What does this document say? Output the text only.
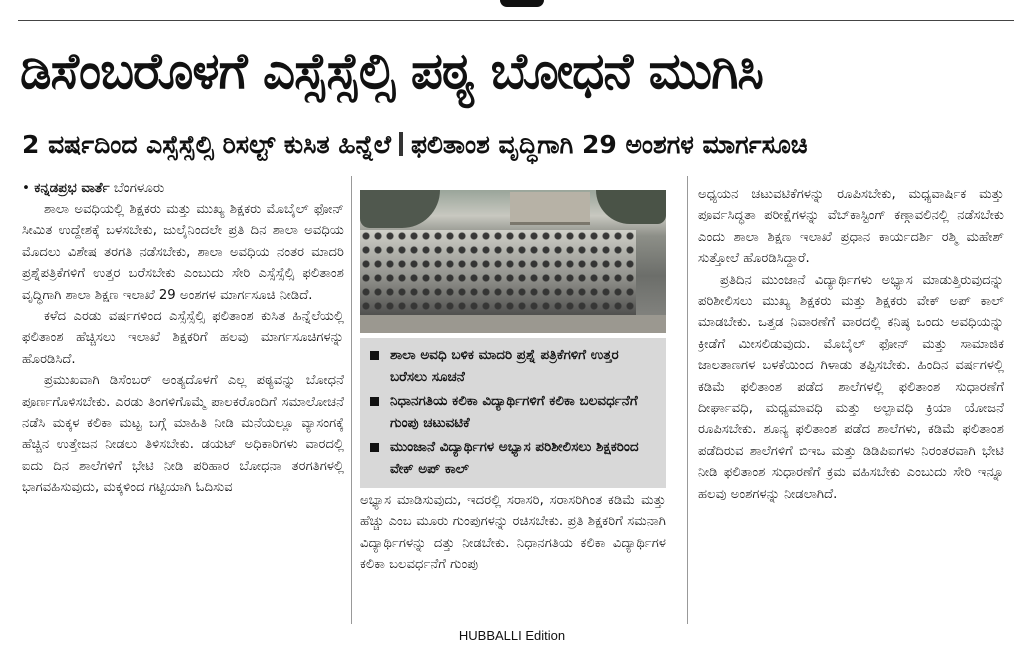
ಡಿಸೆಂಬರೊಳಗೆ ಎಸ್ಸೆಸ್ಸೆಲ್ಸಿ ಪಠ್ಯ ಬೋಧನೆ ಮುಗಿಸಿ
2 ವರ್ಷದಿಂದ ಎಸ್ಸೆಸ್ಸೆಲ್ಸಿ ರಿಸಲ್ಟ್ ಕುಸಿತ ಹಿನ್ನೆಲೆ ಫಲಿತಾಂಶ ವೃದ್ಧಿಗಾಗಿ 29 ಅಂಶಗಳ ಮಾರ್ಗಸೂಚಿ

• ಕನ್ನಡಪ್ರಭ ವಾರ್ತೆ ಬೆಂಗಳೂರು

ಶಾಲಾ ಅವಧಿಯಲ್ಲಿ ಶಿಕ್ಷಕರು ಮತ್ತು ಮುಖ್ಯ ಶಿಕ್ಷಕರು ಮೊಬೈಲ್ ಫೋನ್ ಸೀಮಿತ ಉದ್ದೇಶಕ್ಕೆ ಬಳಸಬೇಕು, ಜುಲೈನಿಂದಲೇ ಪ್ರತಿ ದಿನ ಶಾಲಾ ಅವಧಿಯ ಮೊದಲು ವಿಶೇಷ ತರಗತಿ ನಡೆಸಬೇಕು, ಶಾಲಾ ಅವಧಿಯ ನಂತರ ಮಾದರಿ ಪ್ರಶ್ನೆಪತ್ರಿಕೆಗಳಿಗೆ ಉತ್ತರ ಬರೆಸಬೇಕು ಎಂಬುದು ಸೇರಿ ಎಸ್ಸೆಸ್ಸೆಲ್ಸಿ ಫಲಿತಾಂಶ ವೃದ್ಧಿಗಾಗಿ ಶಾಲಾ ಶಿಕ್ಷಣ ಇಲಾಖೆ 29 ಅಂಶಗಳ ಮಾರ್ಗಸೂಚಿ ನೀಡಿದೆ.

ಕಳೆದ ಎರಡು ವರ್ಷಗಳಿಂದ ಎಸ್ಸೆಸ್ಸೆಲ್ಸಿ ಫಲಿತಾಂಶ ಕುಸಿತ ಹಿನ್ನೆಲೆಯಲ್ಲಿ ಫಲಿತಾಂಶ ಹೆಚ್ಚಿಸಲು ಇಲಾಖೆ ಶಿಕ್ಷಕರಿಗೆ ಹಲವು ಮಾರ್ಗಸೂಚಿಗಳನ್ನು ಹೊರಡಿಸಿದೆ.

ಪ್ರಮುಖವಾಗಿ ಡಿಸೆಂಬರ್ ಅಂತ್ಯದೊಳಗೆ ಎಲ್ಲ ಪಠ್ಯವನ್ನು ಬೋಧನೆ ಪೂರ್ಣಗೊಳಿಸಬೇಕು. ಎರಡು ತಿಂಗಳಿಗೊಮ್ಮೆ ಪಾಲಕರೊಂದಿಗೆ ಸಮಾಲೋಚನೆ ನಡೆಸಿ ಮಕ್ಕಳ ಕಲಿಕಾ ಮಟ್ಟ ಬಗ್ಗೆ ಮಾಹಿತಿ ನೀಡಿ ಮನೆಯಲ್ಲೂ ವ್ಯಾಸಂಗಕ್ಕೆ ಹೆಚ್ಚಿನ ಉತ್ತೇಜನ ನೀಡಲು ತಿಳಿಸಬೇಕು. ಡಯಟ್ ಅಧಿಕಾರಿಗಳು ವಾರದಲ್ಲಿ ಐದು ದಿನ ಶಾಲೆಗಳಿಗೆ ಭೇಟಿ ನೀಡಿ ಪರಿಹಾರ ಬೋಧನಾ ತರಗತಿಗಳಲ್ಲಿ ಭಾಗವಹಿಸುವುದು, ಮಕ್ಕಳಿಂದ ಗಟ್ಟಿಯಾಗಿ ಓದಿಸುವ

ಶಾಲಾ ಅವಧಿ ಬಳಿಕ ಮಾದರಿ ಪ್ರಶ್ನೆ ಪತ್ರಿಕೆಗಳಿಗೆ ಉತ್ತರ ಬರೆಸಲು ಸೂಚನೆ
ನಿಧಾನಗತಿಯ ಕಲಿಕಾ ವಿದ್ಯಾರ್ಥಿಗಳಿಗೆ ಕಲಿಕಾ ಬಲವರ್ಧನೆಗೆ ಗುಂಪು ಚಟುವಟಿಕೆ
ಮುಂಜಾನೆ ವಿದ್ಯಾರ್ಥಿಗಳ ಅಭ್ಯಾಸ ಪರಿಶೀಲಿಸಲು ಶಿಕ್ಷಕರಿಂದ ವೇಕ್ ಅಪ್ ಕಾಲ್

ಅಭ್ಯಾಸ ಮಾಡಿಸುವುದು, ಇದರಲ್ಲಿ ಸರಾಸರಿ, ಸರಾಸರಿಗಿಂತ ಕಡಿಮೆ ಮತ್ತು ಹೆಚ್ಚು ಎಂಬ ಮೂರು ಗುಂಪುಗಳನ್ನು ರಚಿಸಬೇಕು. ಪ್ರತಿ ಶಿಕ್ಷಕರಿಗೆ ಸಮನಾಗಿ ವಿದ್ಯಾರ್ಥಿಗಳನ್ನು ದತ್ತು ನೀಡಬೇಕು. ನಿಧಾನಗತಿಯ ಕಲಿಕಾ ವಿದ್ಯಾರ್ಥಿಗಳ ಕಲಿಕಾ ಬಲವರ್ಧನೆಗೆ ಗುಂಪು

ಅಧ್ಯಯನ ಚಟುವಟಿಕೆಗಳನ್ನು ರೂಪಿಸಬೇಕು, ಮಧ್ಯವಾರ್ಷಿಕ ಮತ್ತು ಪೂರ್ವಸಿದ್ಧತಾ ಪರೀಕ್ಷೆಗಳನ್ನು ವೆಬ್‌ಕಾಸ್ಟಿಂಗ್ ಕಣ್ಗಾವಲಿನಲ್ಲಿ ನಡೆಸಬೇಕು ಎಂದು ಶಾಲಾ ಶಿಕ್ಷಣ ಇಲಾಖೆ ಪ್ರಧಾನ ಕಾರ್ಯದರ್ಶಿ ರಶ್ಮಿ ಮಹೇಶ್ ಸುತ್ತೋಲೆ ಹೊರಡಿಸಿದ್ದಾರೆ.

ಪ್ರತಿದಿನ ಮುಂಜಾನೆ ವಿದ್ಯಾರ್ಥಿಗಳು ಅಭ್ಯಾಸ ಮಾಡುತ್ತಿರುವುದನ್ನು ಪರಿಶೀಲಿಸಲು ಮುಖ್ಯ ಶಿಕ್ಷಕರು ಮತ್ತು ಶಿಕ್ಷಕರು ವೇಕ್ ಅಪ್ ಕಾಲ್ ಮಾಡಬೇಕು. ಒತ್ತಡ ನಿವಾರಣೆಗೆ ವಾರದಲ್ಲಿ ಕನಿಷ್ಠ ಒಂದು ಅವಧಿಯನ್ನು ಕ್ರೀಡೆಗೆ ಮೀಸಲಿಡುವುದು. ಮೊಬೈಲ್ ಫೋನ್ ಮತ್ತು ಸಾಮಾಜಿಕ ಜಾಲತಾಣಗಳ ಬಳಕೆಯಿಂದ ಗಿಳಾಡು ತಪ್ಪಿಸಬೇಕು. ಹಿಂದಿನ ವರ್ಷಗಳಲ್ಲಿ ಕಡಿಮೆ ಫಲಿತಾಂಶ ಪಡೆದ ಶಾಲೆಗಳಲ್ಲಿ ಫಲಿತಾಂಶ ಸುಧಾರಣೆಗೆ ದೀರ್ಘಾವಧಿ, ಮಧ್ಯಮಾವಧಿ ಮತ್ತು ಅಲ್ಪಾವಧಿ ಕ್ರಿಯಾ ಯೋಜನೆ ರೂಪಿಸಬೇಕು. ಶೂನ್ಯ ಫಲಿತಾಂಶ ಪಡೆದ ಶಾಲೆಗಳು, ಕಡಿಮೆ ಫಲಿತಾಂಶ ಪಡೆದಿರುವ ಶಾಲೆಗಳಿಗೆ ಬಿಇಒ ಮತ್ತು ಡಿಡಿಪಿಐಗಳು ನಿರಂತರವಾಗಿ ಭೇಟಿ ನೀಡಿ ಫಲಿತಾಂಶ ಸುಧಾರಣೆಗೆ ಕ್ರಮ ವಹಿಸಬೇಕು ಎಂಬುದು ಸೇರಿ ಇನ್ನೂ ಹಲವು ಅಂಶಗಳನ್ನು ನೀಡಲಾಗಿದೆ.

HUBBALLI Edition
